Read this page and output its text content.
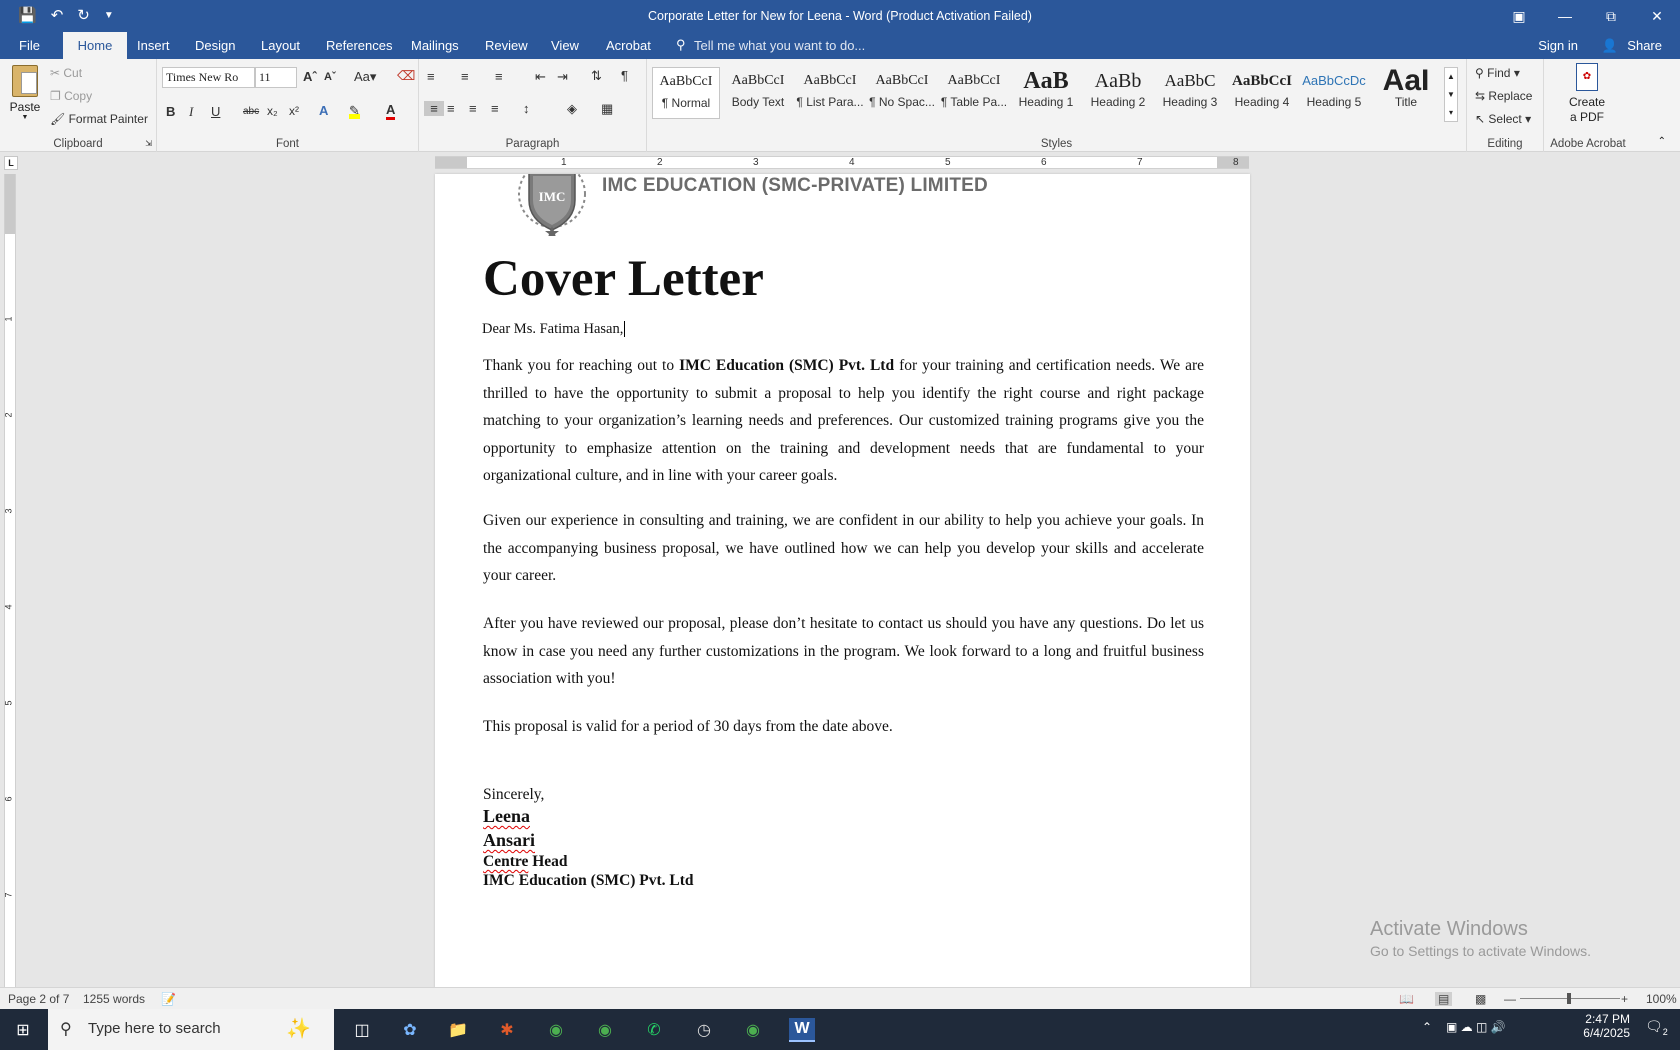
💾 ↶ ↻ ▼	Corporate Letter for New for Leena - Word (Product Activation Failed)	▣	—	⧉	✕
File	Home	Insert	Design	Layout	References	Mailings	Review	View	Acrobat	⚲ Tell me what you want to do...	Sign in 👤 Share
Paste
▼
✂ Cut
❐ Copy
🖌 Format Painter
Clipboard	⇲
Times New Ro	11	Aˆ Aˇ Aa▾ ⌫
B I U abc x₂ x² A ✎ A
Font
≡ ≡ ≡ ⇤ ⇥ ⇅ ¶
≡ ≡ ≡ ≡ ↕	◈ ▦
Paragraph
AaBbCcI
¶ Normal
AaBbCcI
Body Text
AaBbCcI
¶ List Para...
AaBbCcI
¶ No Spac...
AaBbCcI
¶ Table Pa...
AaB
Heading 1
AaBb
Heading 2
AaBbC
Heading 3
AaBbCcI
Heading 4
AaBbCcDc
Heading 5
AaI
Title
▲
▼
▾
Styles
⚲ Find ▾
⇆ Replace
↖ Select ▾
Editing
✿
Create
a PDF
Adobe Acrobat	⌃
L	1	2	3	4	5	6	7	8
1
2
3
4
5
6
7
IMC
IMC EDUCATION (SMC-PRIVATE) LIMITED
Cover Letter
Dear Ms. Fatima Hasan,
Thank you for reaching out to IMC Education (SMC) Pvt. Ltd for your training and certification needs. We are thrilled to have the opportunity to submit a proposal to help you identify the right course and right package matching to your organization’s learning needs and preferences. Our customized training programs give you the opportunity to emphasize attention on the training and development needs that are fundamental to your organizational culture, and in line with your career goals.
Given our experience in consulting and training, we are confident in our ability to help you achieve your goals. In the accompanying business proposal, we have outlined how we can help you develop your skills and accelerate your career.
After you have reviewed our proposal, please don’t hesitate to contact us should you have any questions. Do let us know in case you need any further customizations in the program. We look forward to a long and fruitful business association with you!
This proposal is valid for a period of 30 days from the date above.
Sincerely,
Leena
Ansari
Centre Head
IMC Education (SMC) Pvt. Ltd
Activate Windows
Go to Settings to activate Windows.
Page 2 of 7 1255 words 📝	📖 ▤ ▩ —	+ 100%
⊞	⚲ Type here to search	✨	◫	✿	📁	✱	◉	◉	✆	◷	◉	W	⌃ ▣ ☁ ◫ 🔊
2:47 PM
6/4/2025 $🗨_2$
